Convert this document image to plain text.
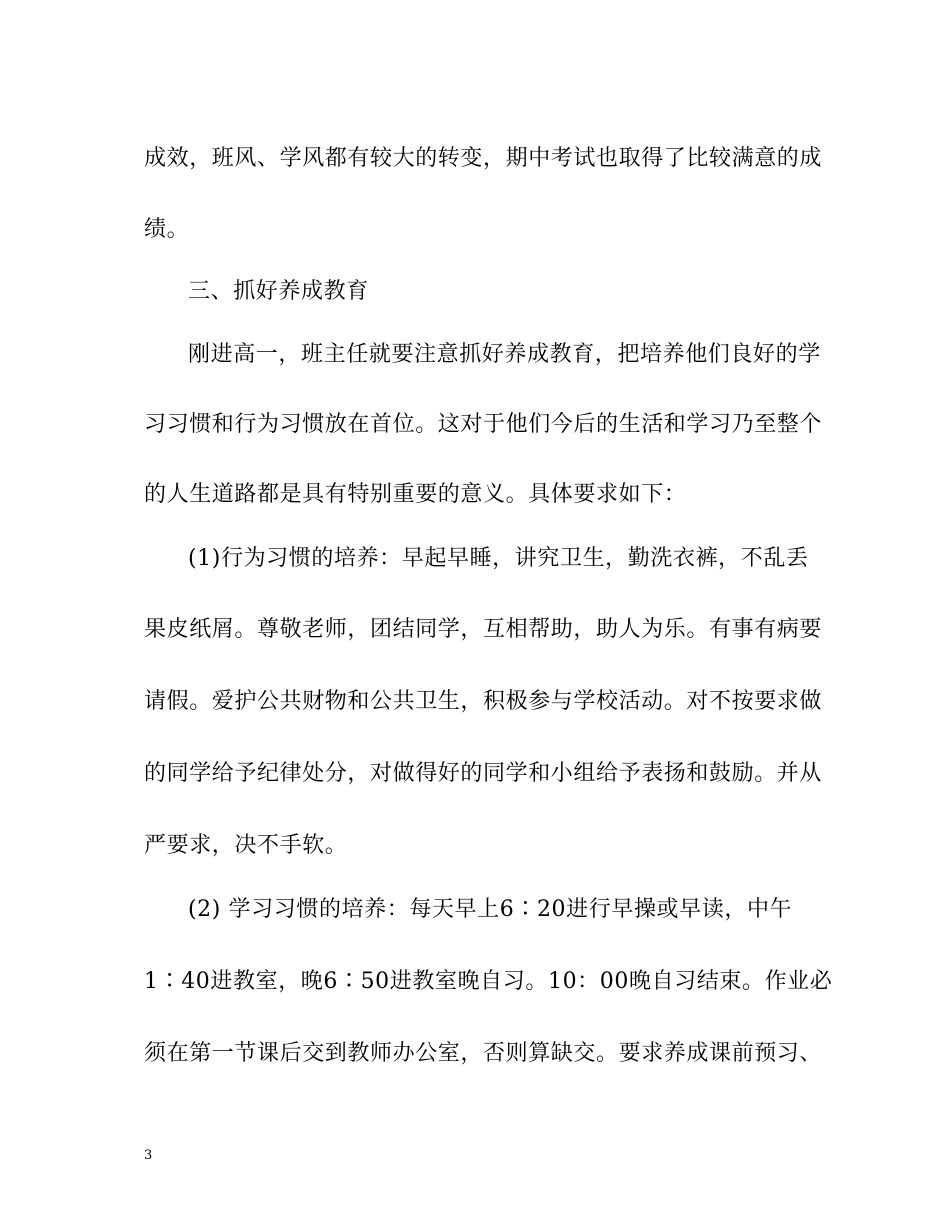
成效，班风、学风都有较大的转变，期中考试也取得了比较满意的成
绩。
三、抓好养成教育
刚进高一，班主任就要注意抓好养成教育，把培养他们良好的学
习习惯和行为习惯放在首位。这对于他们今后的生活和学习乃至整个
的人生道路都是具有特别重要的意义。具体要求如下：
(1)行为习惯的培养：早起早睡，讲究卫生，勤洗衣裤，不乱丢
果皮纸屑。尊敬老师，团结同学，互相帮助，助人为乐。有事有病要
请假。爱护公共财物和公共卫生，积极参与学校活动。对不按要求做
的同学给予纪律处分，对做得好的同学和小组给予表扬和鼓励。并从
严要求，决不手软。
(2) 学习习惯的培养：每天早上6∶20进行早操或早读，中午
1∶40进教室，晚6∶50进教室晚自习。10：00晚自习结束。作业必
须在第一节课后交到教师办公室，否则算缺交。要求养成课前预习、
3
